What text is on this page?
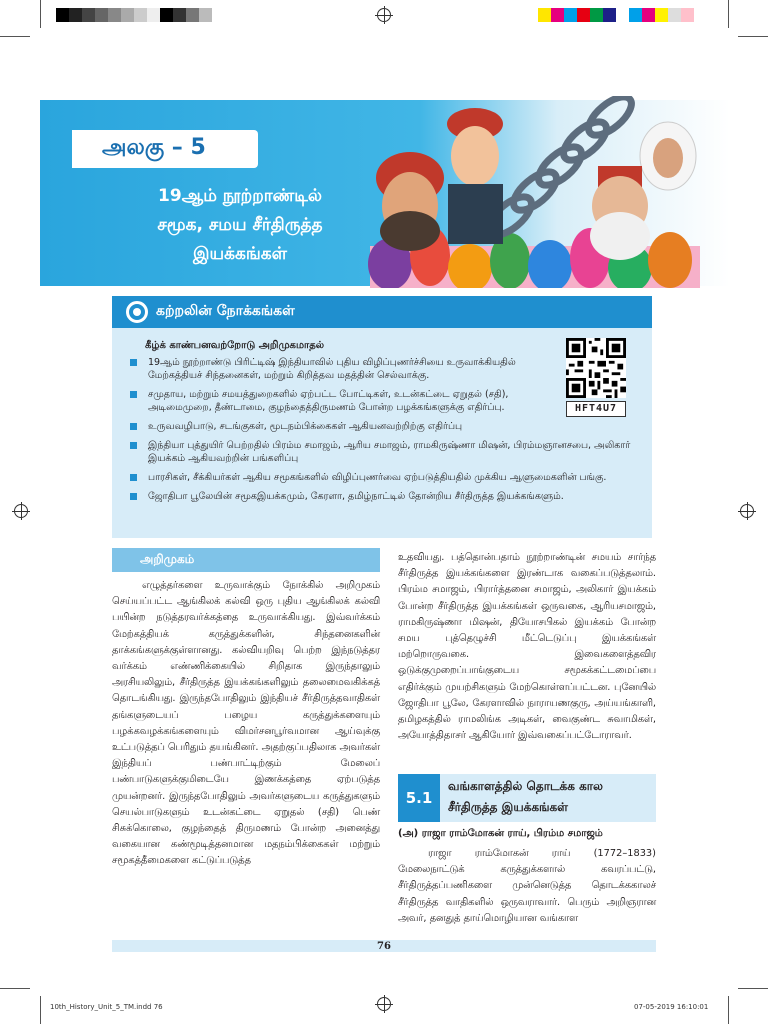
அலகு – 5
19ஆம் நூற்றாண்டில்
சமூக, சமய சீர்திருத்த
இயக்கங்கள்
கற்றலின் நோக்கங்கள்
கீழ்க் காண்பனவற்றோடு அறிமுகமாதல்
19ஆம் நூற்றாண்டு பிரிட்டிஷ் இந்தியாவில் புதிய விழிப்புணர்ச்சியை உருவாக்கியதில் மேற்கத்தியச் சிந்தனைகள், மற்றும் கிறித்தவ மதத்தின் செல்வாக்கு.
சமுதாய, மற்றும் சமயத்துறைகளில் ஏற்பட்ட போட்டிகள், உடன்கட்டை ஏறுதல் (சதி), அடிமைமுறை, தீண்டாமை, குழந்தைத்திருமணம் போன்ற பழக்கங்களுக்கு எதிர்ப்பு.
உருவவழிபாடு, சடங்குகள், மூடநம்பிக்கைகள் ஆகியனவற்றிற்கு எதிர்ப்பு
இந்தியா புத்துயிர் பெற்றதில் பிரம்ம சமாஜம், ஆரிய சமாஜம், ராமகிருஷ்ணா மிஷன், பிரம்மஞானசபை, அலிகார் இயக்கம் ஆகியவற்றின் பங்களிப்பு
பாரசிகள், சீக்கியர்கள் ஆகிய சமூகங்களில் விழிப்புணர்வை ஏற்படுத்தியதில் முக்கிய ஆளுமைகளின் பங்கு.
ஜோதிபா பூலேயின் சமூகஇயக்கமும், கேரளா, தமிழ்நாட்டில் தோன்றிய சீர்திருத்த இயக்கங்களும்.
HFT4U7
அறிமுகம்

எழுத்தர்களை உருவாக்கும் நோக்கில் அறிமுகம் செய்யப்பட்ட ஆங்கிலக் கல்வி ஒரு புதிய ஆங்கிலக் கல்வி பயின்ற நடுத்தரவர்க்கத்தை உருவாக்கியது. இவ்வர்க்கம் மேற்கத்தியக் கருத்துக்களின், சிந்தனைகளின் தாக்கங்களுக்குள்ளானது. கல்வியறிவு பெற்ற இந்நடுத்தர வர்க்கம் எண்ணிக்கையில் சிறிதாக இருந்தாலும் அரசியலிலும், சீர்திருத்த இயக்கங்களிலும் தலைமைவகிக்கத் தொடங்கியது. இருந்தபோதிலும் இந்தியச் சீர்திருத்தவாதிகள் தங்களுடையப் பழைய கருத்துக்களையும் பழக்கவழக்கங்களையும் விமர்சனபூர்வமான ஆய்வுக்கு உட்படுத்தப் பெரிதும் தயங்கினர். அதற்குப்பதிலாக அவர்கள் இந்தியப் பண்பாட்டிற்கும் மேலைப் பண்பாடுகளுக்குமிடையே இணக்கத்தை ஏற்படுத்த முயன்றனர். இருந்தபோதிலும் அவர்களுடைய கருத்துகளும் செயல்பாடுகளும் உடன்கட்டை ஏறுதல் (சதி) பெண் சிசுக்கொலை, குழந்தைத் திருமணம் போன்ற அனைத்து வகையான கண்மூடித்தனமான மதநம்பிக்கைகள் மற்றும் சமூகத்தீமைகளை கட்டுப்படுத்த

உதவியது. பத்தொன்பதாம் நூற்றாண்டின் சமயம் சார்ந்த சீர்திருத்த இயக்கங்களை இரண்டாக வகைப்படுத்தலாம். பிரம்ம சமாஜம், பிரார்த்தனை சமாஜம், அலிகார் இயக்கம் போன்ற சீர்திருத்த இயக்கங்கள் ஒருவகை, ஆரியசமாஜம், ராமகிருஷ்ணா மிஷன், தியோசபிகல் இயக்கம் போன்ற சமய புத்தெழுச்சி மீட்டெடுப்பு இயக்கங்கள் மற்றொருவகை. இவைகளைத்தவிர ஒடுக்குமுறைப்பாங்குடைய சமூகக்கட்டமைப்பை எதிர்க்கும் முயற்சிகளும் மேற்கொள்ளப்பட்டன. புனேயில் ஜோதிபா பூலே, கேரளாவில் நாராயணகுரு, அய்யங்காளி, தமிழகத்தில் ராமலிங்க அடிகள், வைகுண்ட சுவாமிகள், அயோத்திதாசர் ஆகியோர் இவ்வகைப்பட்டோராவர்.

5.1
வங்காளத்தில் தொடக்க கால சீர்திருத்த இயக்கங்கள்
(அ) ராஜா ராம்மோகன் ராய், பிரம்ம சமாஜம்

ராஜா ராம்மோகன் ராய் (1772–1833) மேலைநாட்டுக் கருத்துக்களால் கவரப்பட்டு, சீர்திருத்தப்பணிகளை முன்னெடுத்த தொடக்ககாலச் சீர்திருத்த வாதிகளில் ஒருவராவார். பெரும் அறிஞரான அவர், தனதுத் தாய்மொழியான வங்காள

76
10th_History_Unit_5_TM.indd 76	07-05-2019 16:10:01
